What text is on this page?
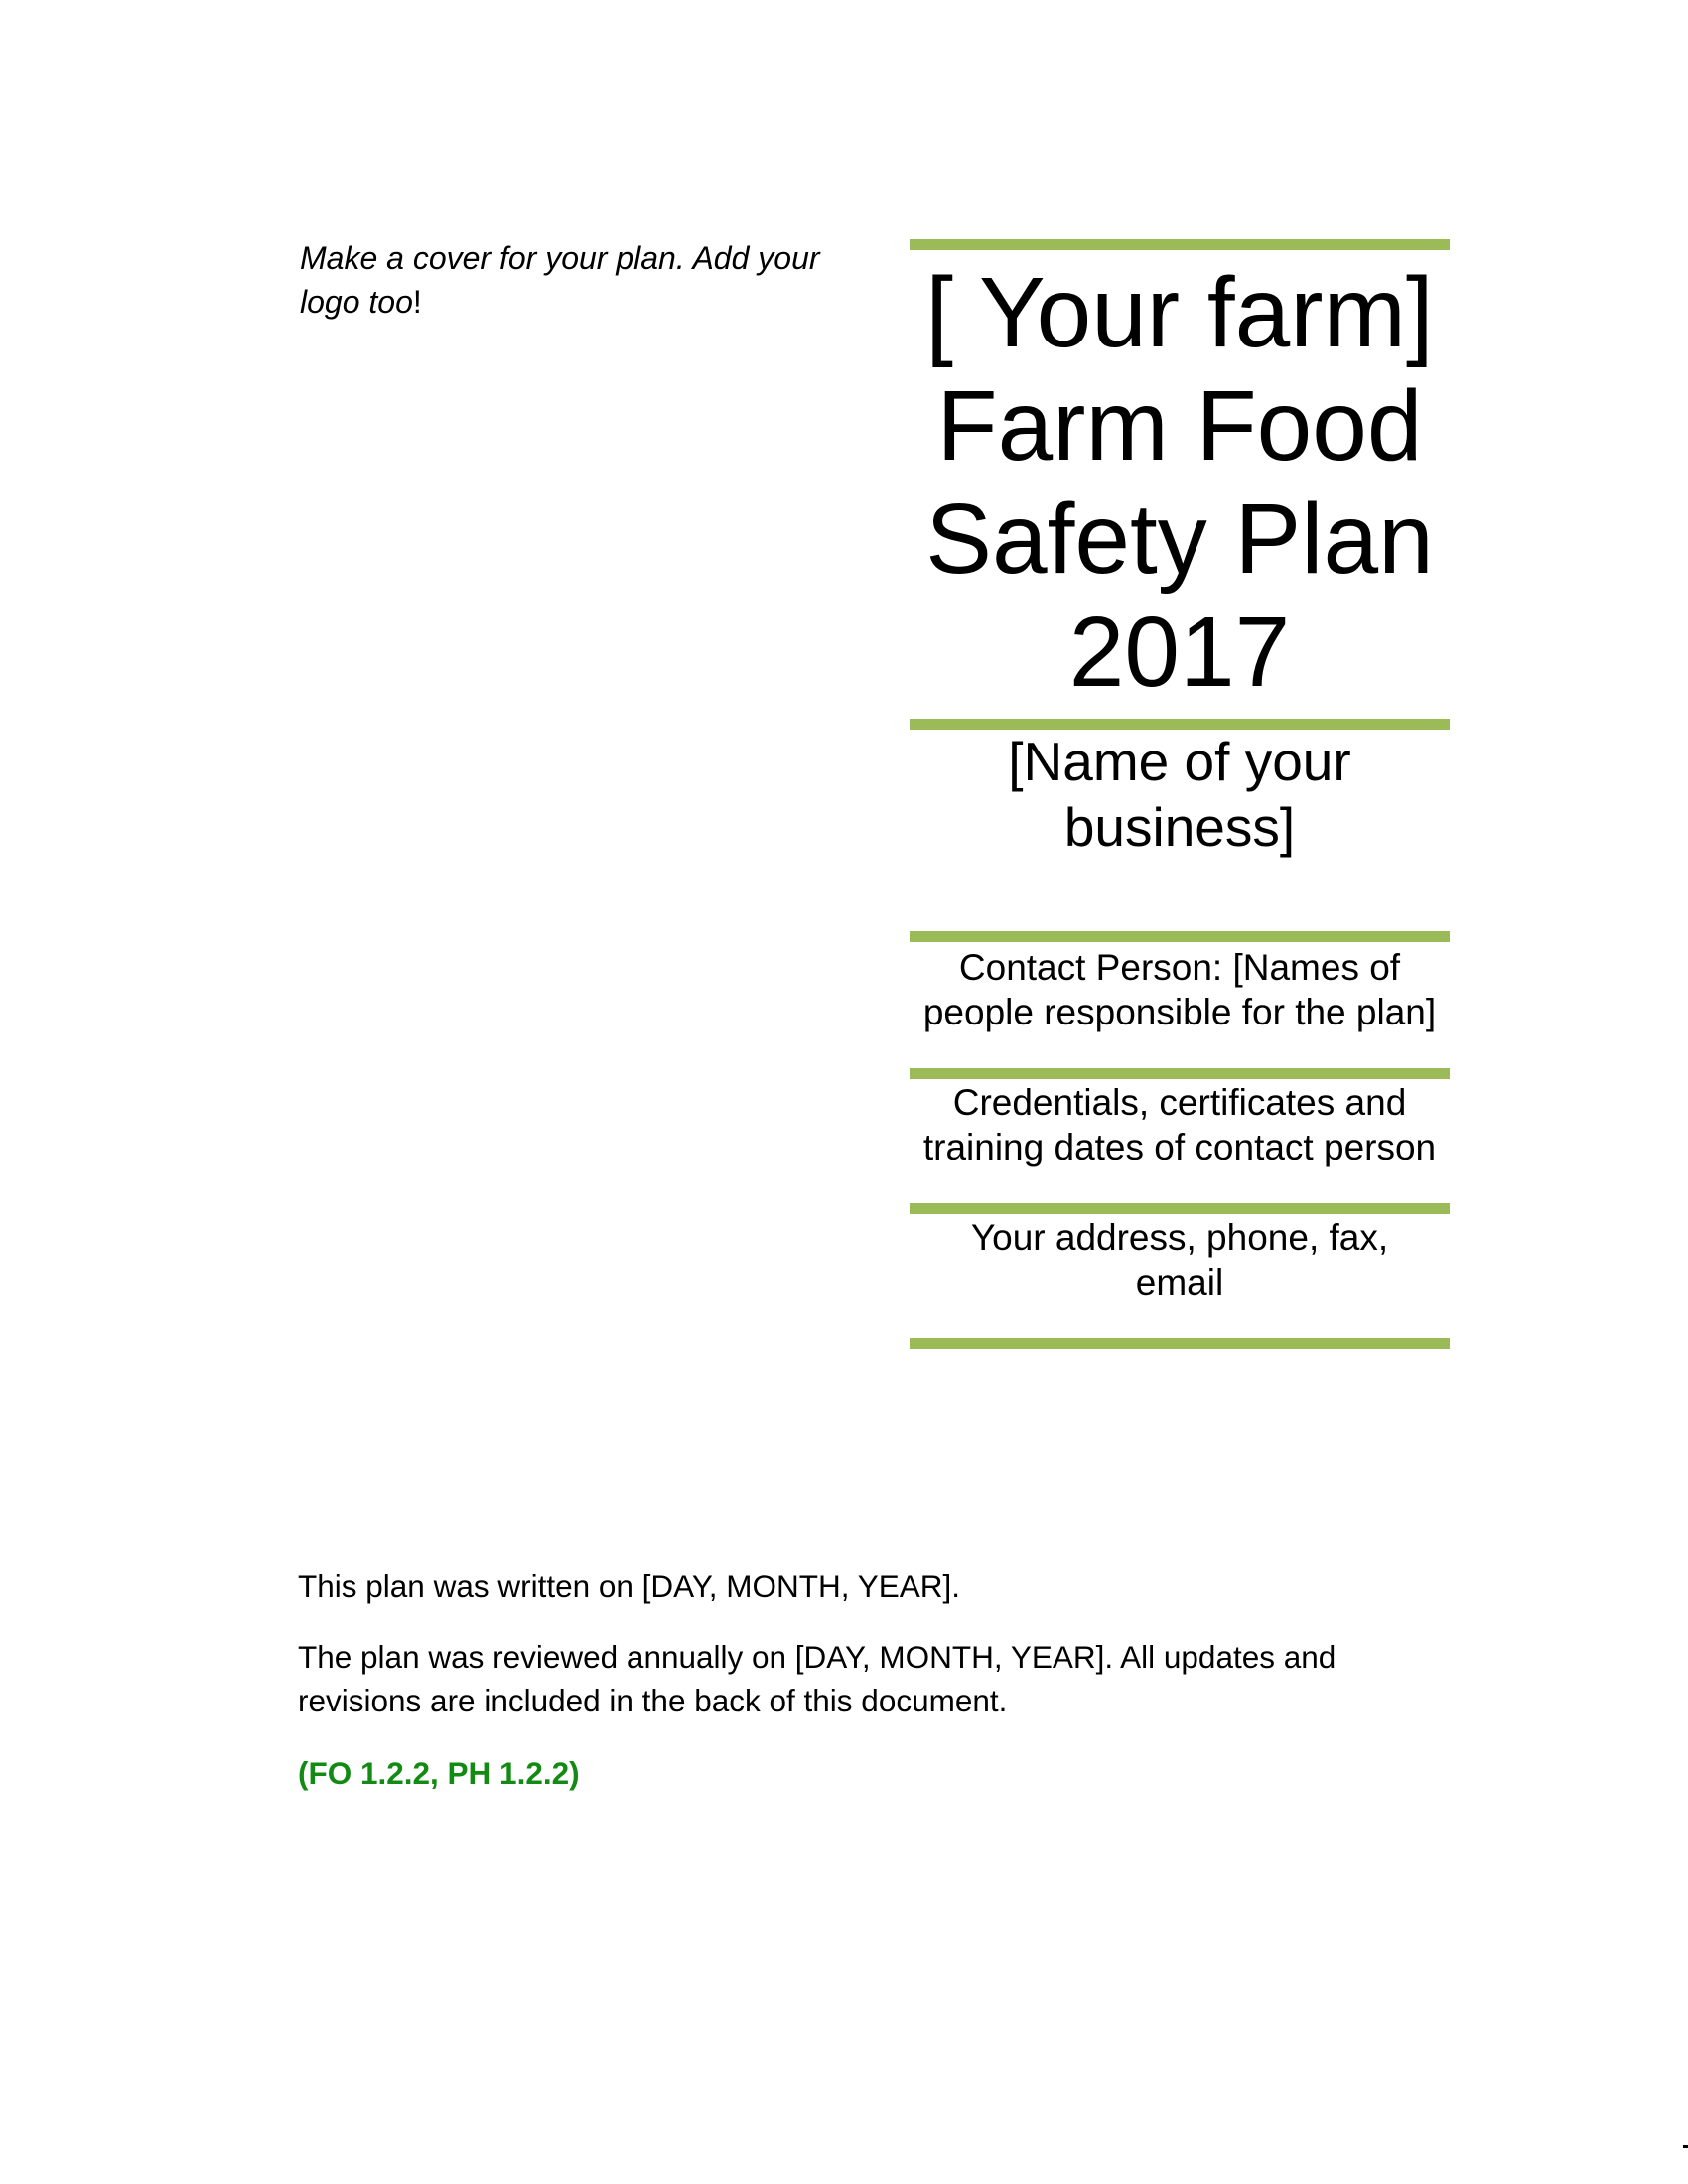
Make a cover for your plan. Add your logo too!	[ Your farm]
Farm Food
Safety Plan
2017
[Name of your
business]
Contact Person: [Names of
people responsible for the plan]
Credentials, certificates and
training dates of contact person
Your address, phone, fax,
email
This plan was written on [DAY, MONTH, YEAR].
The plan was reviewed annually on [DAY, MONTH, YEAR]. All updates and
revisions are included in the back of this document.
(FO 1.2.2, PH 1.2.2)
